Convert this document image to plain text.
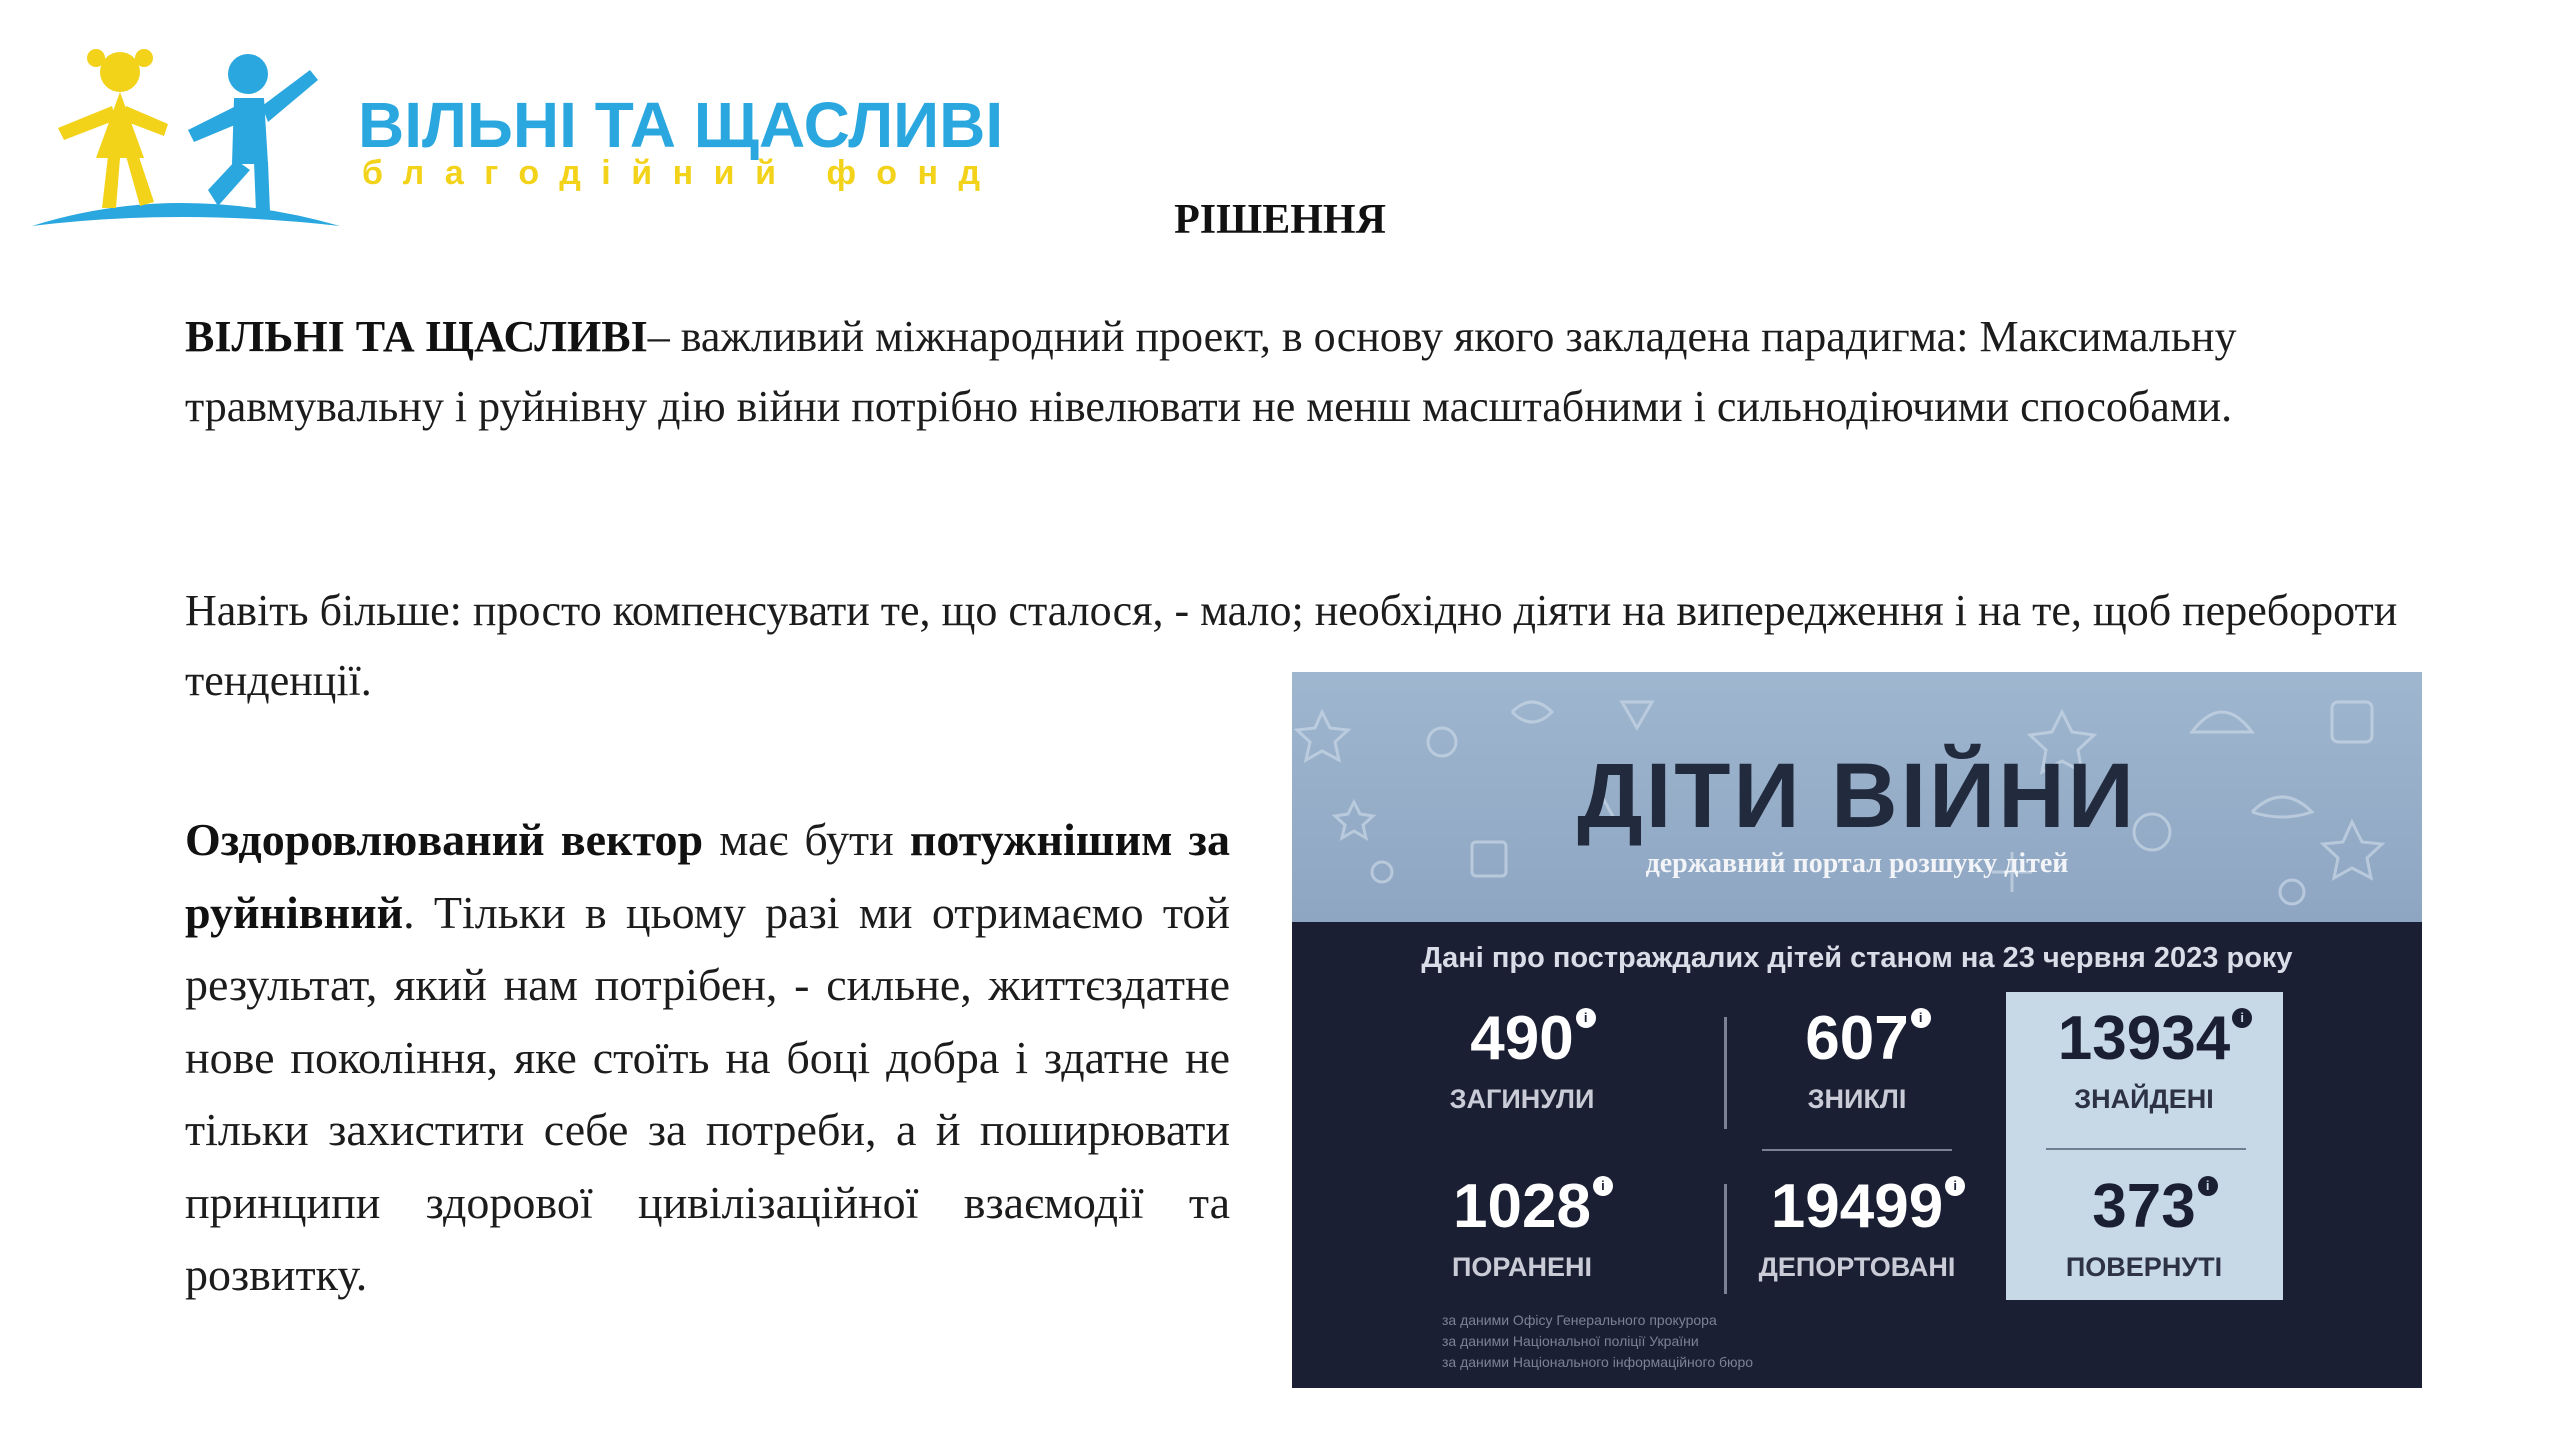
ВІЛЬНІ ТА ЩАСЛИВІ
благодійний фонд
РІШЕННЯ
ВІЛЬНІ ТА ЩАСЛИВІ– важливий міжнародний проект, в основу якого закладена парадигма: Максимальну травмувальну і руйнівну дію війни потрібно нівелювати не менш масштабними і сильнодіючими способами.
Навіть більше: просто компенсувати те, що сталося, - мало; необхідно діяти на випередження і на те, щоб перебороти тенденції.
Оздоровлюваний вектор має бути потужнішим за руйнівний. Тільки в цьому разі ми отримаємо той результат, який нам потрібен, - сильне, життєздатне нове покоління, яке стоїть на боці добра і здатне не тільки захистити себе за потреби, а й поширювати принципи здорової цивілізаційної взаємодії та розвитку.
ДІТИ ВІЙНИ
державний портал розшуку дітей
Дані про постраждалих дітей станом на 23 червня 2023 року
490 i
ЗАГИНУЛИ
607 i
ЗНИКЛІ
1028 i
ПОРАНЕНІ
19499 i
ДЕПОРТОВАНІ
13934 i
ЗНАЙДЕНІ
373 i
ПОВЕРНУТІ
за даними Офісу Генерального прокурора
за даними Національної поліції України
за даними Національного інформаційного бюро
